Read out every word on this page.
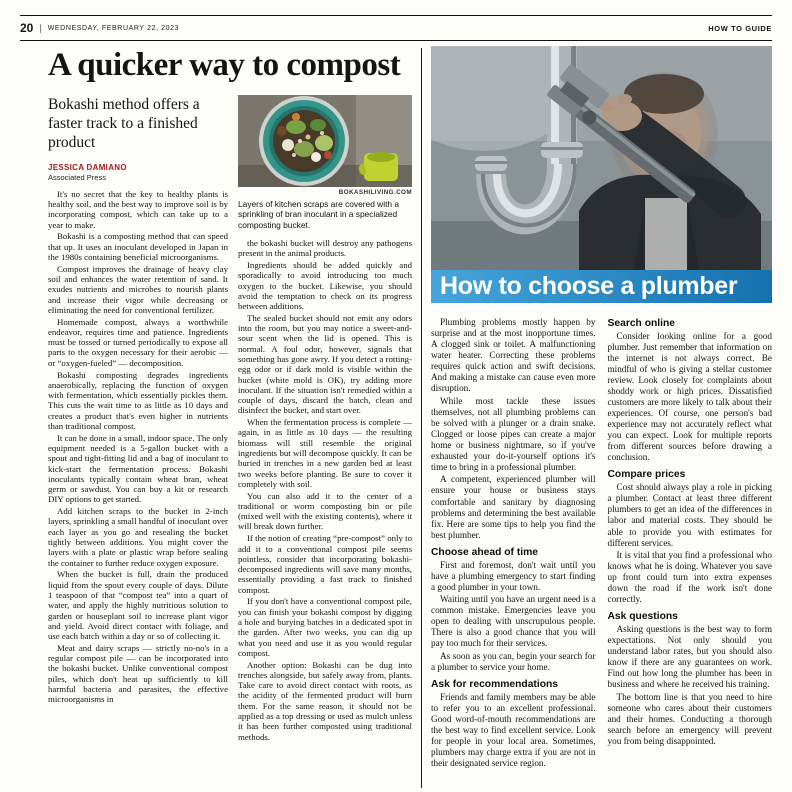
20 | WEDNESDAY, FEBRUARY 22, 2023	HOW TO GUIDE
A quicker way to compost
Bokashi method offers a faster track to a finished product
JESSICA DAMIANO
Associated Press

It's no secret that the key to healthy plants is healthy soil, and the best way to improve soil is by incorporating compost, which can take up to a year to make.

Bokashi is a composting method that can speed that up. It uses an inoculant developed in Japan in the 1980s containing beneficial microorganisms.

Compost improves the drainage of heavy clay soil and enhances the water retention of sand. It exudes nutrients and microbes to nourish plants and increase their vigor while decreasing or eliminating the need for conventional fertilizer.

Homemade compost, always a worthwhile endeavor, requires time and patience. Ingredients must be tossed or turned periodically to expose all parts to the oxygen necessary for their aerobic — or “oxygen-fueled” — decomposition.

Bokashi composting degrades ingredients anaerobically, replacing the function of oxygen with fermentation, which essentially pickles them. This cuts the wait time to as little as 10 days and creates a product that's even higher in nutrients than traditional compost.

It can be done in a small, indoor space. The only equipment needed is a 5-gallon bucket with a spout and tight-fitting lid and a bag of inoculant to kick-start the fermentation process. Bokashi inoculants typically contain wheat bran, wheat germ or sawdust. You can buy a kit or research DIY options to get started.

Add kitchen scraps to the bucket in 2-inch layers, sprinkling a small handful of inoculant over each layer as you go and resealing the bucket tightly between additions. You might cover the layers with a plate or plastic wrap before sealing the container to further reduce oxygen exposure.

When the bucket is full, drain the produced liquid from the spout every couple of days. Dilute 1 teaspoon of that “compost tea” into a quart of water, and apply the highly nutritious solution to garden or houseplant soil to increase plant vigor and yield. Avoid direct contact with foliage, and use each batch within a day or so of collecting it.

Meat and dairy scraps — strictly no-no's in a regular compost pile — can be incorporated into the bokashi bucket. Unlike conventional compost piles, which don't heat up sufficiently to kill harmful bacteria and parasites, the effective microorganisms in

BOKASHILIVING.COM
Layers of kitchen scraps are covered with a sprinkling of bran inoculant in a specialized composting bucket.

the bokashi bucket will destroy any pathogens present in the animal products.

Ingredients should be added quickly and sporadically to avoid introducing too much oxygen to the bucket. Likewise, you should avoid the temptation to check on its progress between additions.

The sealed bucket should not emit any odors into the room, but you may notice a sweet-and-sour scent when the lid is opened. This is normal. A foul odor, however, signals that something has gone awry. If you detect a rotting-egg odor or if dark mold is visible within the bucket (white mold is OK), try adding more inoculant. If the situation isn't remedied within a couple of days, discard the batch, clean and disinfect the bucket, and start over.

When the fermentation process is complete — again, in as little as 10 days — the resulting biomass will still resemble the original ingredients but will decompose quickly. It can be buried in trenches in a new garden bed at least two weeks before planting. Be sure to cover it completely with soil.

You can also add it to the center of a traditional or worm composting bin or pile (mixed well with the existing contents), where it will break down further.

If the notion of creating “pre-compost” only to add it to a conventional compost pile seems pointless, consider that incorporating bokashi-decomposed ingredients will save many months, essentially providing a fast track to finished compost.

If you don't have a conventional compost pile, you can finish your bokashi compost by digging a hole and burying batches in a dedicated spot in the garden. After two weeks, you can dig up what you need and use it as you would regular compost.

Another option: Bokashi can be dug into trenches alongside, but safely away from, plants. Take care to avoid direct contact with roots, as the acidity of the fermented product will burn them. For the same reason, it should not be applied as a top dressing or used as mulch unless it has been further composted using traditional methods.

How to choose a plumber

Plumbing problems mostly happen by surprise and at the most inopportune times. A clogged sink or toilet. A malfunctioning water heater. Correcting these problems requires quick action and swift decisions. And making a mistake can cause even more disruption.

While most tackle these issues themselves, not all plumbing problems can be solved with a plunger or a drain snake. Clogged or loose pipes can create a major home or business nightmare, so if you've exhausted your do-it-yourself options it's time to bring in a professional plumber.

A competent, experienced plumber will ensure your house or business stays comfortable and sanitary by diagnosing problems and determining the best available fix. Here are some tips to help you find the best plumber.

Choose ahead of time

First and foremost, don't wait until you have a plumbing emergency to start finding a good plumber in your town.

Waiting until you have an urgent need is a common mistake. Emergencies leave you open to dealing with unscrupulous people. There is also a good chance that you will pay too much for their services.

As soon as you can, begin your search for a plumber to service your home.

Ask for recommendations

Friends and family members may be able to refer you to an excellent professional. Good word-of-mouth recommendations are the best way to find excellent service. Look for people in your local area. Sometimes, plumbers may charge extra if you are not in their designated service region.

Search online

Consider looking online for a good plumber. Just remember that information on the internet is not always correct. Be mindful of who is giving a stellar customer review. Look closely for complaints about shoddy work or high prices. Dissatisfied customers are more likely to talk about their experiences. Of course, one person's bad experience may not accurately reflect what you can expect. Look for multiple reports from different sources before drawing a conclusion.

Compare prices

Cost should always play a role in picking a plumber. Contact at least three different plumbers to get an idea of the differences in labor and material costs. They should be able to provide you with estimates for different services.

It is vital that you find a professional who knows what he is doing. Whatever you save up front could turn into extra expenses down the road if the work isn't done correctly.

Ask questions

Asking questions is the best way to form expectations. Not only should you understand labor rates, but you should also know if there are any guarantees on work. Find out how long the plumber has been in business and where he received his training.

The bottom line is that you need to hire someone who cares about their customers and their homes. Conducting a thorough search before an emergency will prevent you from being disappointed.
